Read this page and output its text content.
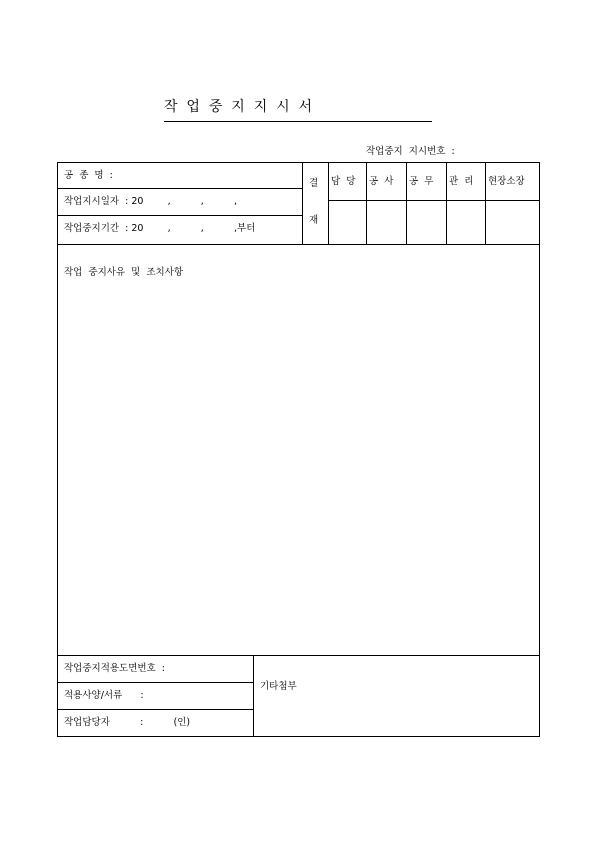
작  업  중  지  지  시  서
작업중지  지시번호  :
공  종  명  :
작업지시일자  : 20        ,          ,          ,
작업중지기간  : 20        ,          ,          ,부터
결
재
담  당 공  사 공  무 관  리 현장소장
작업  중지사유  및  조치사항
작업중지적용도면번호  :
적용사양/서류      :
작업담당자          :          (인)
기타첨부
